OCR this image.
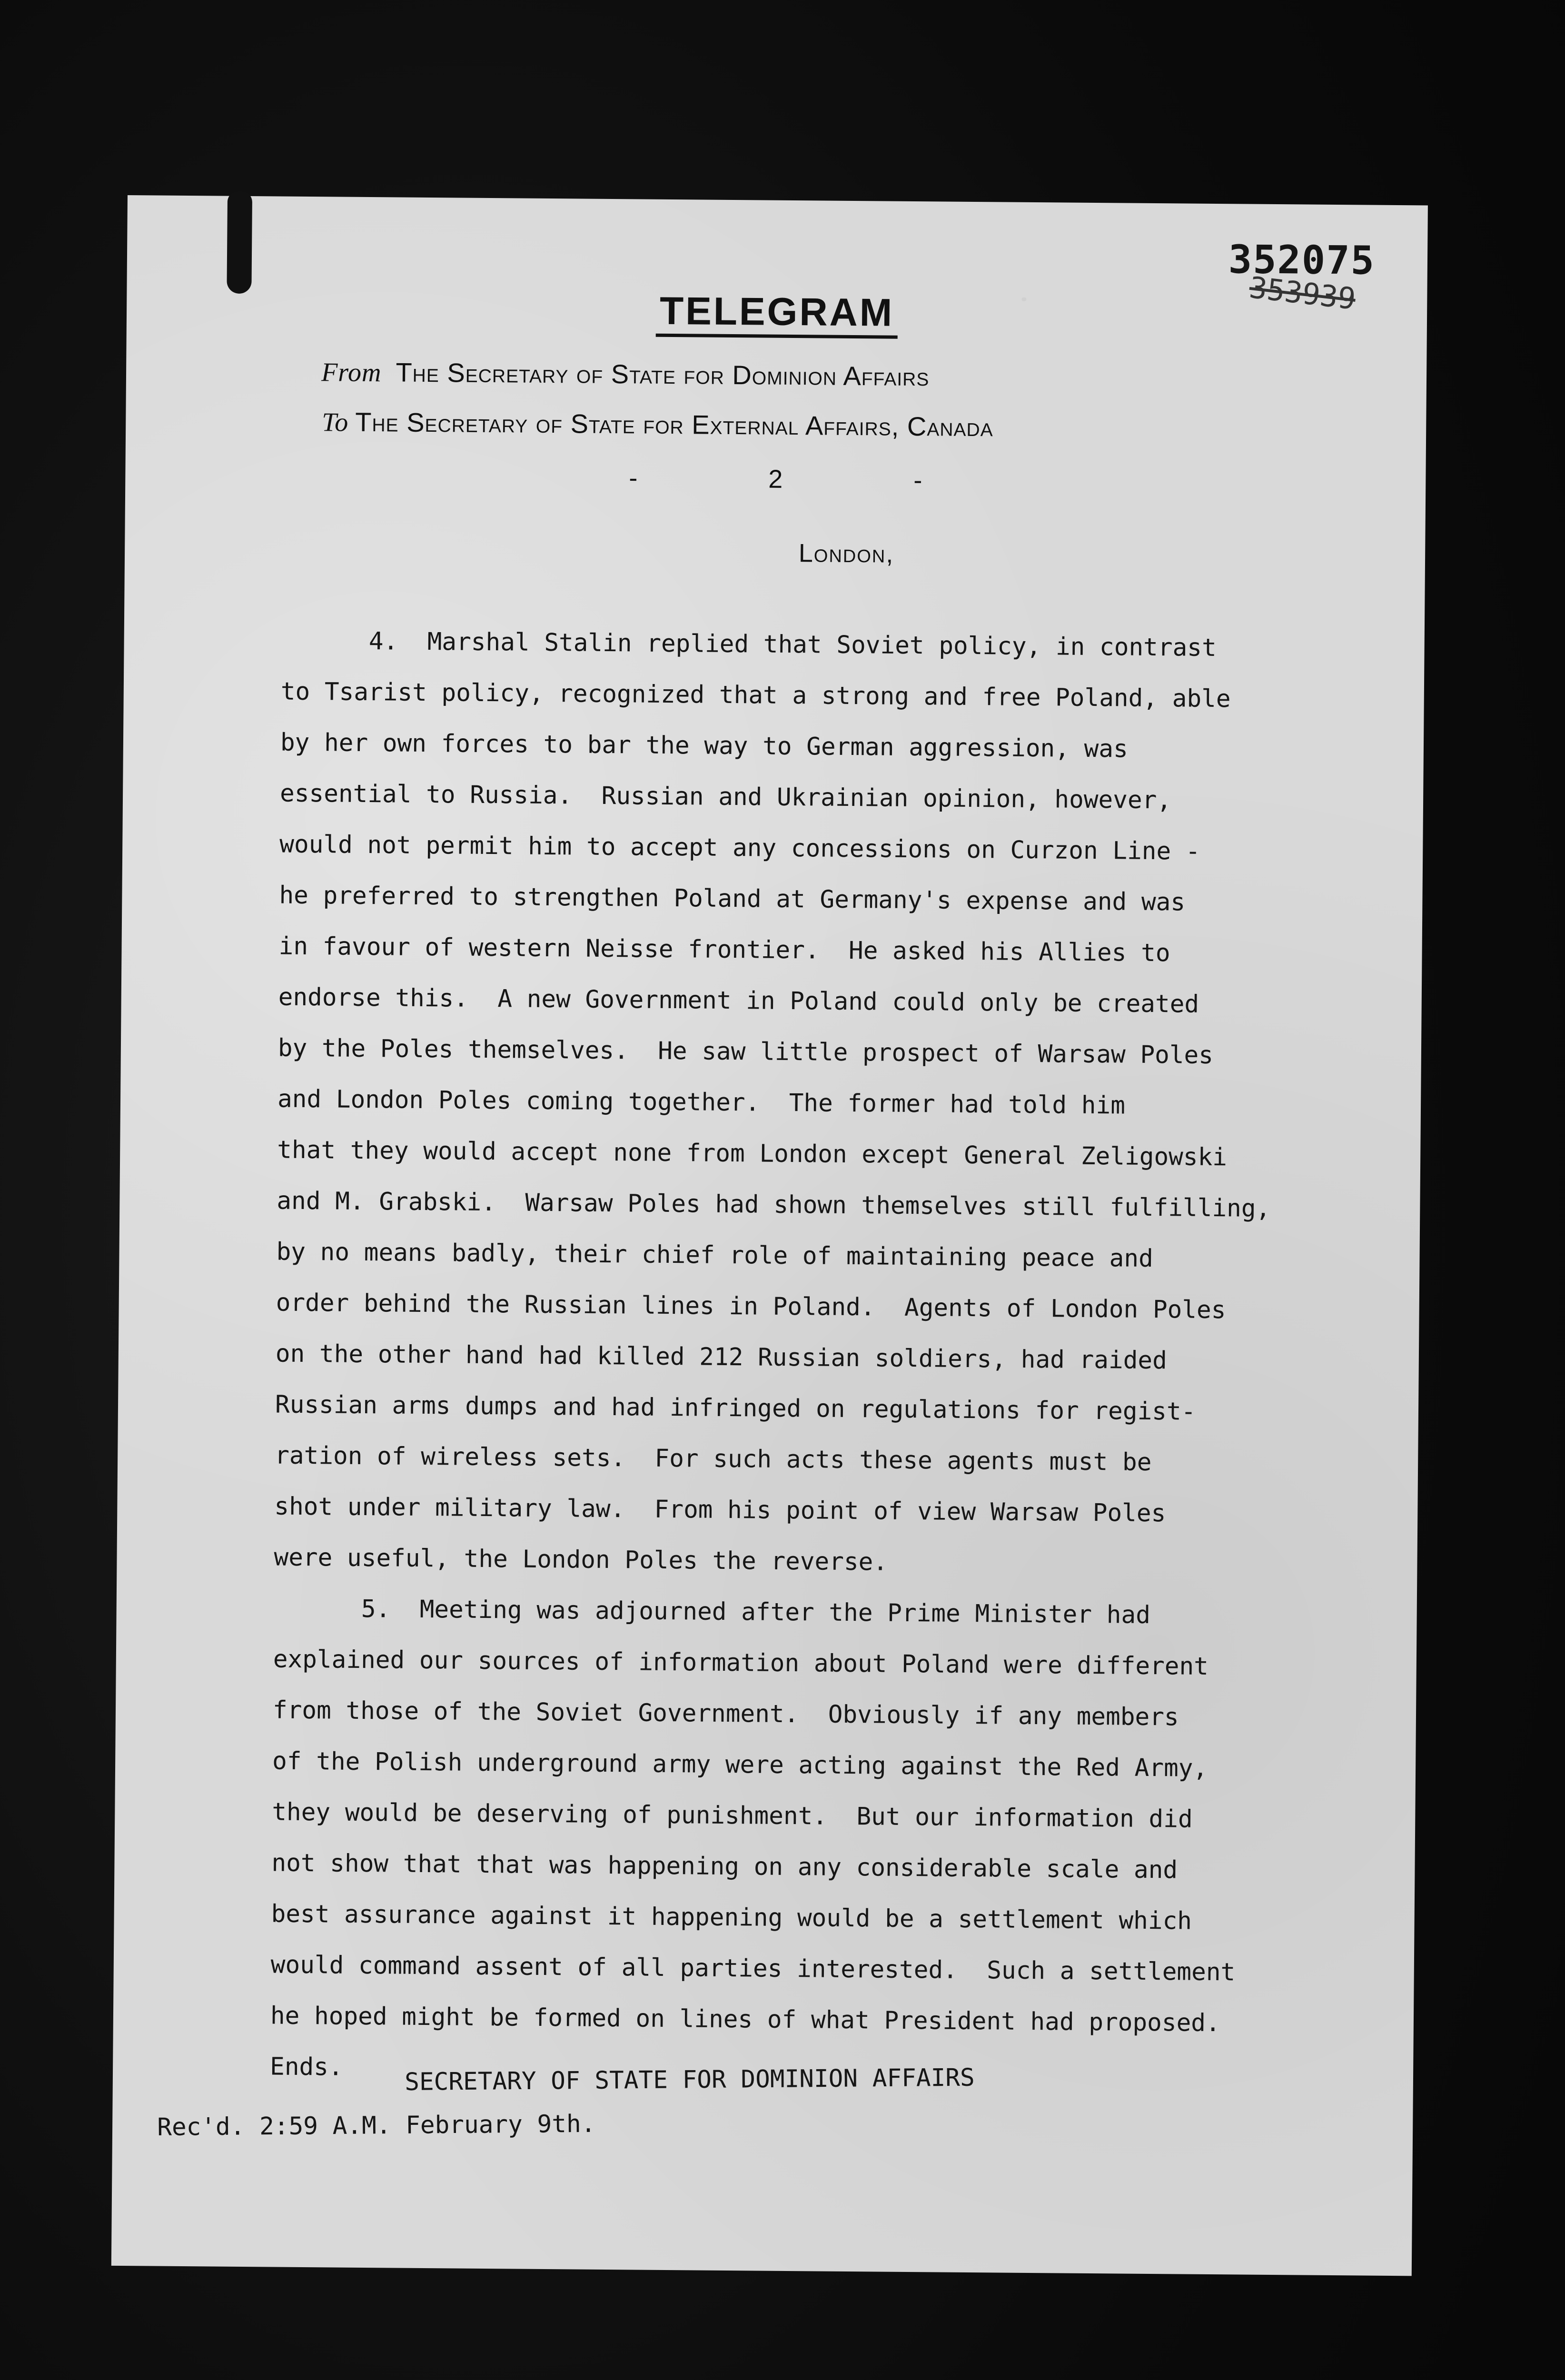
352075
353939
TELEGRAM
From The Secretary of State for Dominion Affairs
To The Secretary of State for External Affairs, Canada
- 2 -
London,
4.  Marshal Stalin replied that Soviet policy, in contrast
to Tsarist policy, recognized that a strong and free Poland, able
by her own forces to bar the way to German aggression, was
essential to Russia.  Russian and Ukrainian opinion, however,
would not permit him to accept any concessions on Curzon Line -
he preferred to strengthen Poland at Germany's expense and was
in favour of western Neisse frontier.  He asked his Allies to
endorse this.  A new Government in Poland could only be created
by the Poles themselves.  He saw little prospect of Warsaw Poles
and London Poles coming together.  The former had told him
that they would accept none from London except General Zeligowski
and M. Grabski.  Warsaw Poles had shown themselves still fulfilling,
by no means badly, their chief role of maintaining peace and
order behind the Russian lines in Poland.  Agents of London Poles
on the other hand had killed 212 Russian soldiers, had raided
Russian arms dumps and had infringed on regulations for regist-
ration of wireless sets.  For such acts these agents must be
shot under military law.  From his point of view Warsaw Poles
were useful, the London Poles the reverse.
5.  Meeting was adjourned after the Prime Minister had
explained our sources of information about Poland were different
from those of the Soviet Government.  Obviously if any members
of the Polish underground army were acting against the Red Army,
they would be deserving of punishment.  But our information did
not show that that was happening on any considerable scale and
best assurance against it happening would be a settlement which
would command assent of all parties interested.  Such a settlement
he hoped might be formed on lines of what President had proposed.
Ends.	SECRETARY OF STATE FOR DOMINION AFFAIRS
Rec'd. 2:59 A.M. February 9th.
